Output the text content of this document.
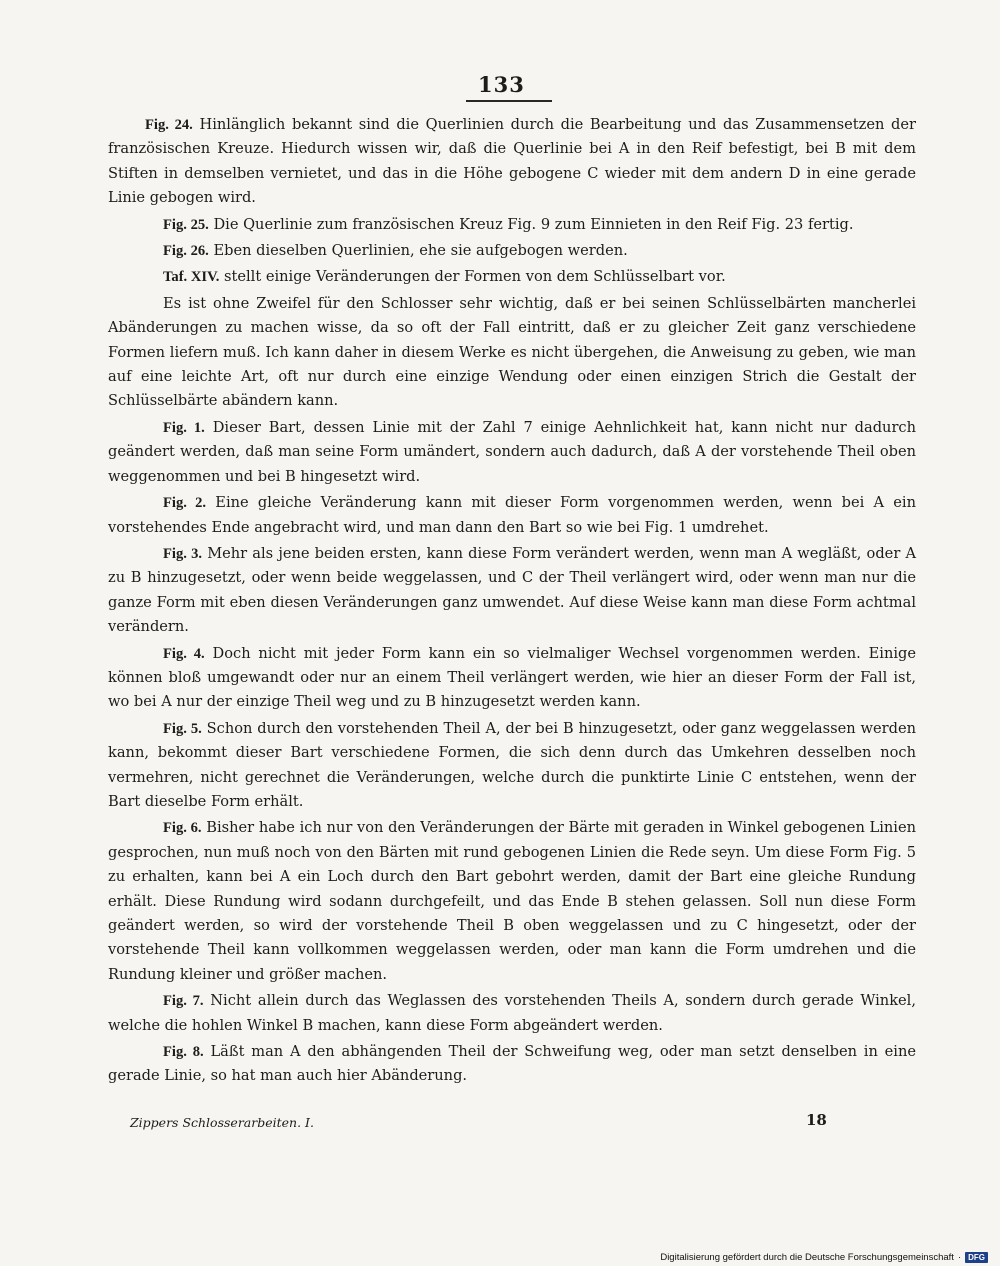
133

Fig. 24. Hinlänglich bekannt sind die Querlinien durch die Bearbeitung und das Zusammensetzen der französischen Kreuze. Hiedurch wissen wir, daß die Querlinie bei A in den Reif befestigt, bei B mit dem Stiften in demselben vernietet, und das in die Höhe gebogene C wieder mit dem andern D in eine gerade Linie gebogen wird.

Fig. 25. Die Querlinie zum französischen Kreuz Fig. 9 zum Einnieten in den Reif Fig. 23 fertig.

Fig. 26. Eben dieselben Querlinien, ehe sie aufgebogen werden.

Taf. XIV. stellt einige Veränderungen der Formen von dem Schlüsselbart vor.

Es ist ohne Zweifel für den Schlosser sehr wichtig, daß er bei seinen Schlüsselbärten mancherlei Abänderungen zu machen wisse, da so oft der Fall eintritt, daß er zu gleicher Zeit ganz verschiedene Formen liefern muß. Ich kann daher in diesem Werke es nicht übergehen, die Anweisung zu geben, wie man auf eine leichte Art, oft nur durch eine einzige Wendung oder einen einzigen Strich die Gestalt der Schlüsselbärte abändern kann.

Fig. 1. Dieser Bart, dessen Linie mit der Zahl 7 einige Aehnlichkeit hat, kann nicht nur dadurch geändert werden, daß man seine Form umändert, sondern auch dadurch, daß A der vorstehende Theil oben weggenommen und bei B hingesetzt wird.

Fig. 2. Eine gleiche Veränderung kann mit dieser Form vorgenommen werden, wenn bei A ein vorstehendes Ende angebracht wird, und man dann den Bart so wie bei Fig. 1 umdrehet.

Fig. 3. Mehr als jene beiden ersten, kann diese Form verändert werden, wenn man A wegläßt, oder A zu B hinzugesetzt, oder wenn beide weggelassen, und C der Theil verlängert wird, oder wenn man nur die ganze Form mit eben diesen Veränderungen ganz umwendet. Auf diese Weise kann man diese Form achtmal verändern.

Fig. 4. Doch nicht mit jeder Form kann ein so vielmaliger Wechsel vorgenommen werden. Einige können bloß umgewandt oder nur an einem Theil verlängert werden, wie hier an dieser Form der Fall ist, wo bei A nur der einzige Theil weg und zu B hinzugesetzt werden kann.

Fig. 5. Schon durch den vorstehenden Theil A, der bei B hinzugesetzt, oder ganz weggelassen werden kann, bekommt dieser Bart verschiedene Formen, die sich denn durch das Umkehren desselben noch vermehren, nicht gerechnet die Veränderungen, welche durch die punktirte Linie C entstehen, wenn der Bart dieselbe Form erhält.

Fig. 6. Bisher habe ich nur von den Veränderungen der Bärte mit geraden in Winkel gebogenen Linien gesprochen, nun muß noch von den Bärten mit rund gebogenen Linien die Rede seyn. Um diese Form Fig. 5 zu erhalten, kann bei A ein Loch durch den Bart gebohrt werden, damit der Bart eine gleiche Rundung erhält. Diese Rundung wird sodann durchgefeilt, und das Ende B stehen gelassen. Soll nun diese Form geändert werden, so wird der vorstehende Theil B oben weggelassen und zu C hingesetzt, oder der vorstehende Theil kann vollkommen weggelassen werden, oder man kann die Form umdrehen und die Rundung kleiner und größer machen.

Fig. 7. Nicht allein durch das Weglassen des vorstehenden Theils A, sondern durch gerade Winkel, welche die hohlen Winkel B machen, kann diese Form abgeändert werden.

Fig. 8. Läßt man A den abhängenden Theil der Schweifung weg, oder man setzt denselben in eine gerade Linie, so hat man auch hier Abänderung.

Zippers Schlosserarbeiten. I.	18
Digitalisierung gefördert durch die Deutsche Forschungsgemeinschaft · DFG
